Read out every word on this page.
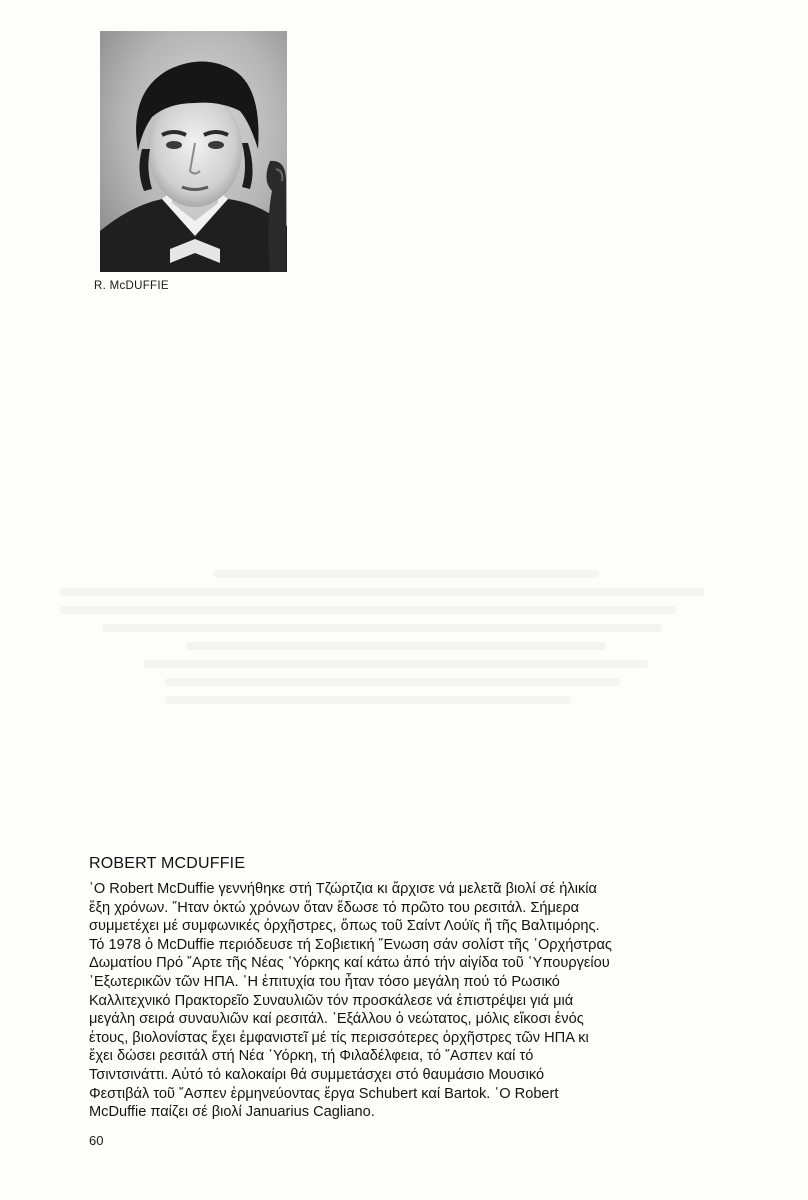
R. McDUFFIE
ROBERT MCDUFFIE

῾Ο Robert McDuffie γεννήθηκε στή Τζώρτζια κι ἄρχισε νά μελετᾶ βιολί σέ ἡλικία

ἕξη χρόνων. ῎Ηταν ὀκτώ χρόνων ὅταν ἔδωσε τό πρῶτο του ρεσιτάλ. Σήμερα

συμμετέχει μέ συμφωνικές ὀρχῆστρες, ὅπως τοῦ Σαίντ Λούϊς ἤ τῆς Βαλτιμόρης.

Τό 1978 ὁ McDuffie περιόδευσε τή Σοβιετική ῞Ενωση σάν σολίστ τῆς ᾿Ορχήστρας

Δωματίου Πρό ῎Αρτε τῆς Νέας ῾Υόρκης καί κάτω ἀπό τήν αἰγίδα τοῦ ῾Υπουργείου

᾿Εξωτερικῶν τῶν ΗΠΑ. ῾Η ἐπιτυχία του ἦταν τόσο μεγάλη πού τό Ρωσικό

Καλλιτεχνικό Πρακτορεῖο Συναυλιῶν τόν προσκάλεσε νά ἐπιστρέψει γιά μιά

μεγάλη σειρά συναυλιῶν καί ρεσιτάλ. ᾿Εξάλλου ὁ νεώτατος, μόλις εἴκοσι ἑνός

ἐτους, βιολονίστας ἔχει ἐμφανιστεῖ μέ τίς περισσότερες ὀρχῆστρες τῶν ΗΠΑ κι

ἔχει δώσει ρεσιτάλ στή Νέα ῾Υόρκη, τή Φιλαδέλφεια, τό ῎Ασπεν καί τό

Τσιντσινάττι. Αὐτό τό καλοκαίρι θά συμμετάσχει στό θαυμάσιο Μουσικό

Φεστιβάλ τοῦ ῎Ασπεν ἑρμηνεύοντας ἔργα Schubert καί Bartok. ῾Ο Robert

McDuffie παίζει σέ βιολί Januarius Cagliano.

60
